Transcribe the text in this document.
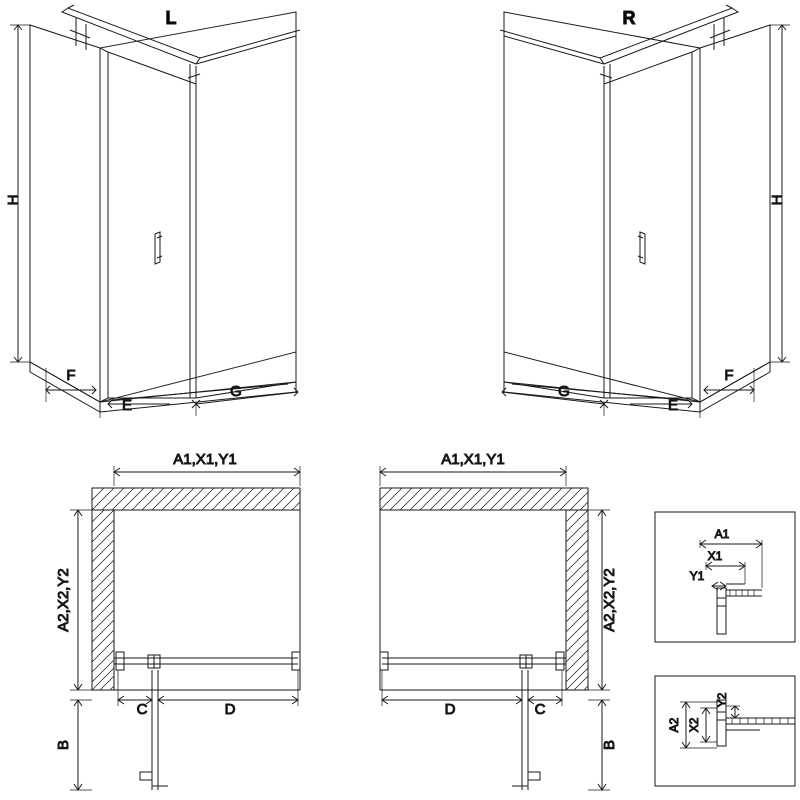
L
H
F
E
G
R
H
F
E
G
A1,X1,Y1
A2,X2,Y2
B
C	D
A1,X1,Y1
A2,X2,Y2
B
D	C
A1
X1
Y1
A2 X2
Y2
